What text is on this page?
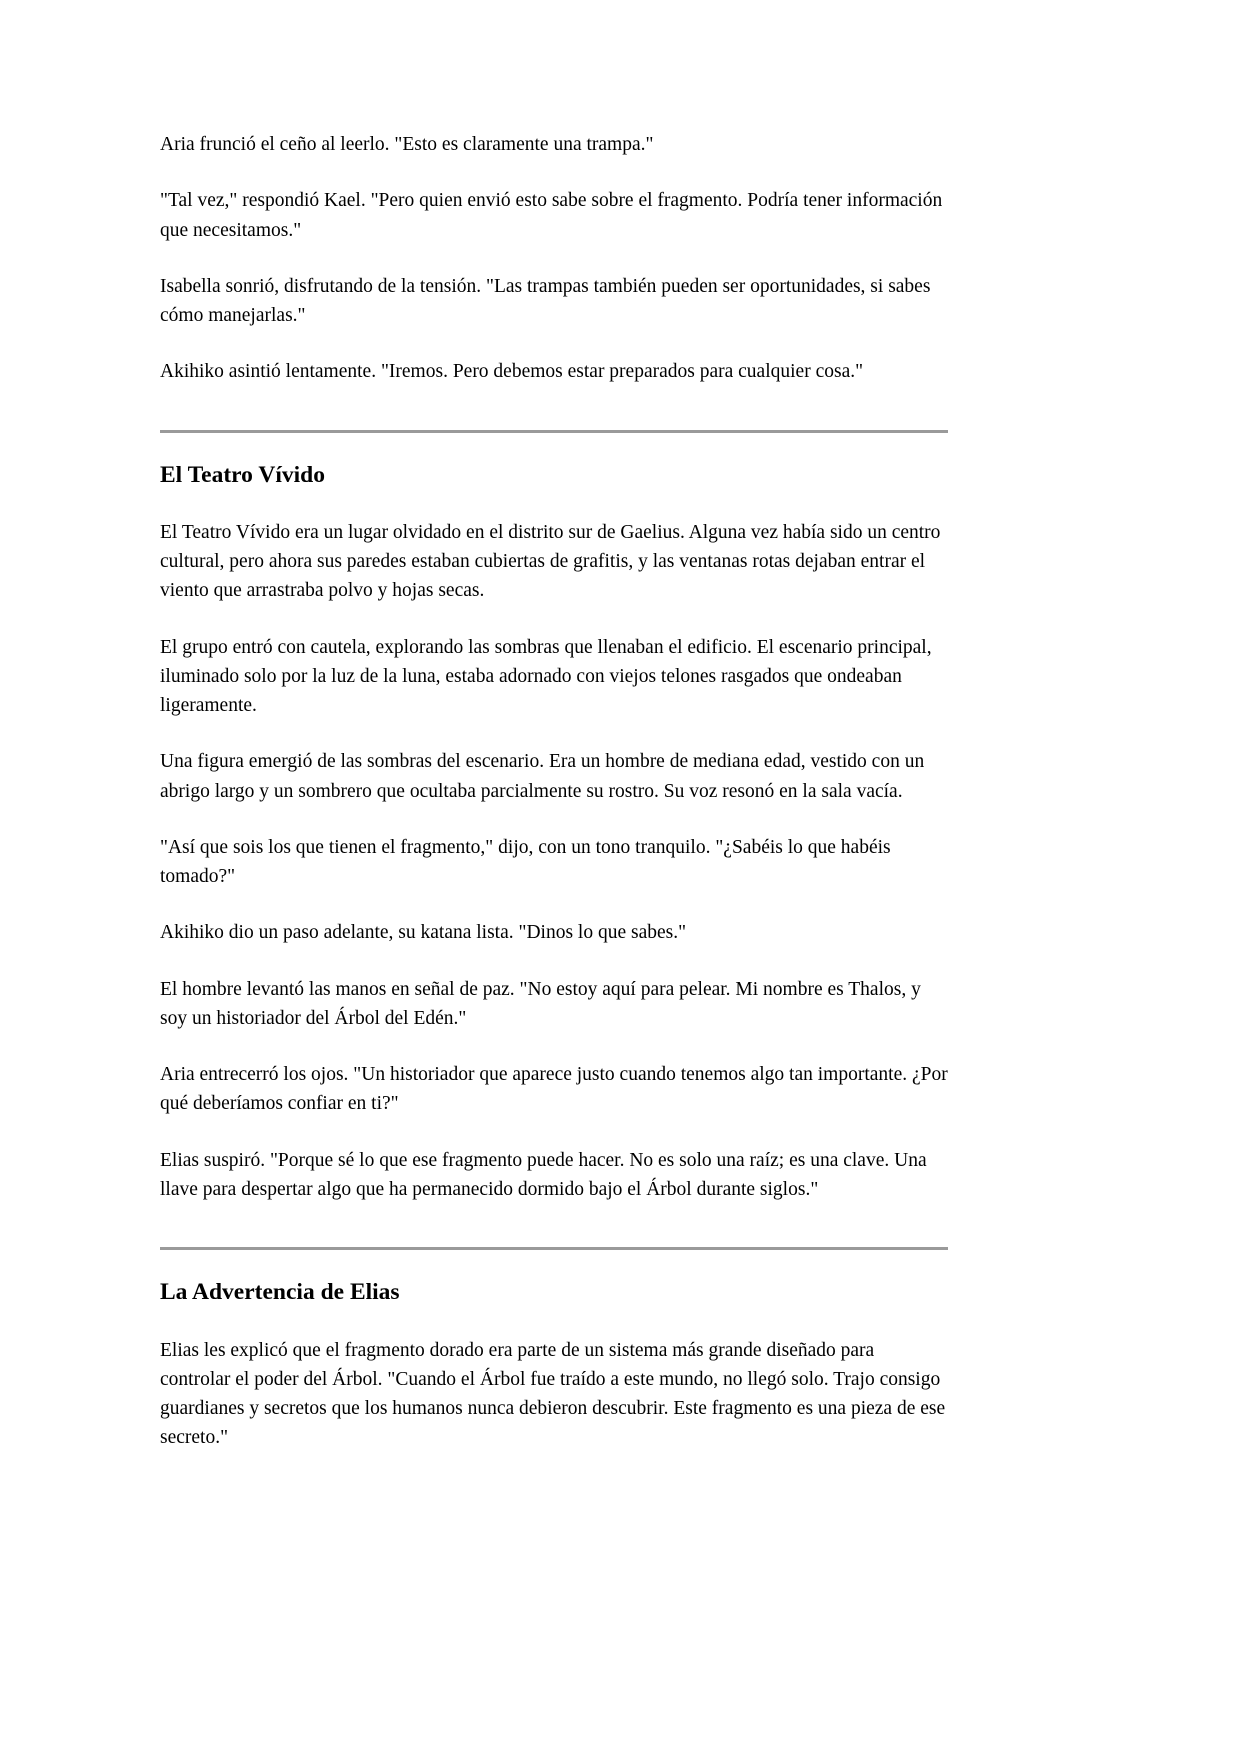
Aria frunció el ceño al leerlo. "Esto es claramente una trampa."

"Tal vez," respondió Kael. "Pero quien envió esto sabe sobre el fragmento. Podría tener información que necesitamos."

Isabella sonrió, disfrutando de la tensión. "Las trampas también pueden ser oportunidades, si sabes cómo manejarlas."

Akihiko asintió lentamente. "Iremos. Pero debemos estar preparados para cualquier cosa."

El Teatro Vívido

El Teatro Vívido era un lugar olvidado en el distrito sur de Gaelius. Alguna vez había sido un centro cultural, pero ahora sus paredes estaban cubiertas de grafitis, y las ventanas rotas dejaban entrar el viento que arrastraba polvo y hojas secas.

El grupo entró con cautela, explorando las sombras que llenaban el edificio. El escenario principal, iluminado solo por la luz de la luna, estaba adornado con viejos telones rasgados que ondeaban ligeramente.

Una figura emergió de las sombras del escenario. Era un hombre de mediana edad, vestido con un abrigo largo y un sombrero que ocultaba parcialmente su rostro. Su voz resonó en la sala vacía.

"Así que sois los que tienen el fragmento," dijo, con un tono tranquilo. "¿Sabéis lo que habéis tomado?"

Akihiko dio un paso adelante, su katana lista. "Dinos lo que sabes."

El hombre levantó las manos en señal de paz. "No estoy aquí para pelear. Mi nombre es Thalos, y soy un historiador del Árbol del Edén."

Aria entrecerró los ojos. "Un historiador que aparece justo cuando tenemos algo tan importante. ¿Por qué deberíamos confiar en ti?"

Elias suspiró. "Porque sé lo que ese fragmento puede hacer. No es solo una raíz; es una clave. Una llave para despertar algo que ha permanecido dormido bajo el Árbol durante siglos."

La Advertencia de Elias

Elias les explicó que el fragmento dorado era parte de un sistema más grande diseñado para controlar el poder del Árbol. "Cuando el Árbol fue traído a este mundo, no llegó solo. Trajo consigo guardianes y secretos que los humanos nunca debieron descubrir. Este fragmento es una pieza de ese secreto."
